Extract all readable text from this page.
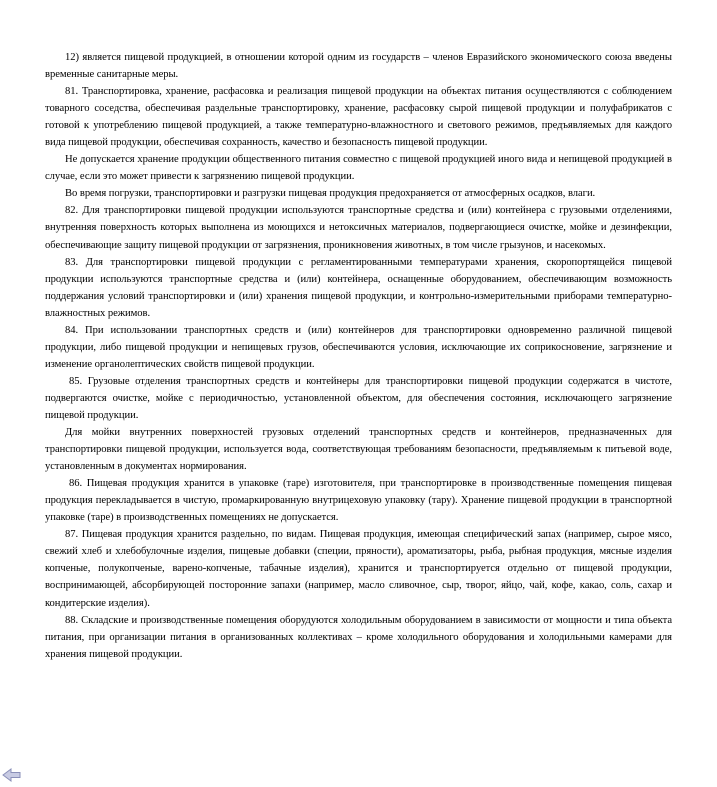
12) является пищевой продукцией, в отношении которой одним из государств – членов Евразийского экономического союза введены временные санитарные меры.

81. Транспортировка, хранение, расфасовка и реализация пищевой продукции на объектах питания осуществляются с соблюдением товарного соседства, обеспечивая раздельные транспортировку, хранение, расфасовку сырой пищевой продукции и полуфабрикатов с готовой к употреблению пищевой продукцией, а также температурно-влажностного и светового режимов, предъявляемых для каждого вида пищевой продукции, обеспечивая сохранность, качество и безопасность пищевой продукции.

Не допускается хранение продукции общественного питания совместно с пищевой продукцией иного вида и непищевой продукцией в случае, если это может привести к загрязнению пищевой продукции.

Во время погрузки, транспортировки и разгрузки пищевая продукция предохраняется от атмосферных осадков, влаги.

82. Для транспортировки пищевой продукции используются транспортные средства и (или) контейнера с грузовыми отделениями, внутренняя поверхность которых выполнена из моющихся и нетоксичных материалов, подвергающиеся очистке, мойке и дезинфекции, обеспечивающие защиту пищевой продукции от загрязнения, проникновения животных, в том числе грызунов, и насекомых.

83. Для транспортировки пищевой продукции с регламентированными температурами хранения, скоропортящейся пищевой продукции используются транспортные средства и (или) контейнера, оснащенные оборудованием, обеспечивающим возможность поддержания условий транспортировки и (или) хранения пищевой продукции, и контрольно-измерительными приборами температурно-влажностных режимов.

84. При использовании транспортных средств и (или) контейнеров для транспортировки одновременно различной пищевой продукции, либо пищевой продукции и непищевых грузов, обеспечиваются условия, исключающие их соприкосновение, загрязнение и изменение органолептических свойств пищевой продукции.

85. Грузовые отделения транспортных средств и контейнеры для транспортировки пищевой продукции содержатся в чистоте, подвергаются очистке, мойке с периодичностью, установленной объектом, для обеспечения состояния, исключающего загрязнение пищевой продукции.

Для мойки внутренних поверхностей грузовых отделений транспортных средств и контейнеров, предназначенных для транспортировки пищевой продукции, используется вода, соответствующая требованиям безопасности, предъявляемым к питьевой воде, установленным в документах нормирования.

86. Пищевая продукция хранится в упаковке (таре) изготовителя, при транспортировке в производственные помещения пищевая продукция перекладывается в чистую, промаркированную внутрицеховую упаковку (тару). Хранение пищевой продукции в транспортной упаковке (таре) в производственных помещениях не допускается.

87. Пищевая продукция хранится раздельно, по видам. Пищевая продукция, имеющая специфический запах (например, сырое мясо, свежий хлеб и хлебобулочные изделия, пищевые добавки (специи, пряности), ароматизаторы, рыба, рыбная продукция, мясные изделия копченые, полукопченые, варено-копченые, табачные изделия), хранится и транспортируется отдельно от пищевой продукции, воспринимающей, абсорбирующей посторонние запахи (например, масло сливочное, сыр, творог, яйцо, чай, кофе, какао, соль, сахар и кондитерские изделия).

88. Складские и производственные помещения оборудуются холодильным оборудованием в зависимости от мощности и типа объекта питания, при организации питания в организованных коллективах – кроме холодильного оборудования и холодильными камерами для хранения пищевой продукции.
